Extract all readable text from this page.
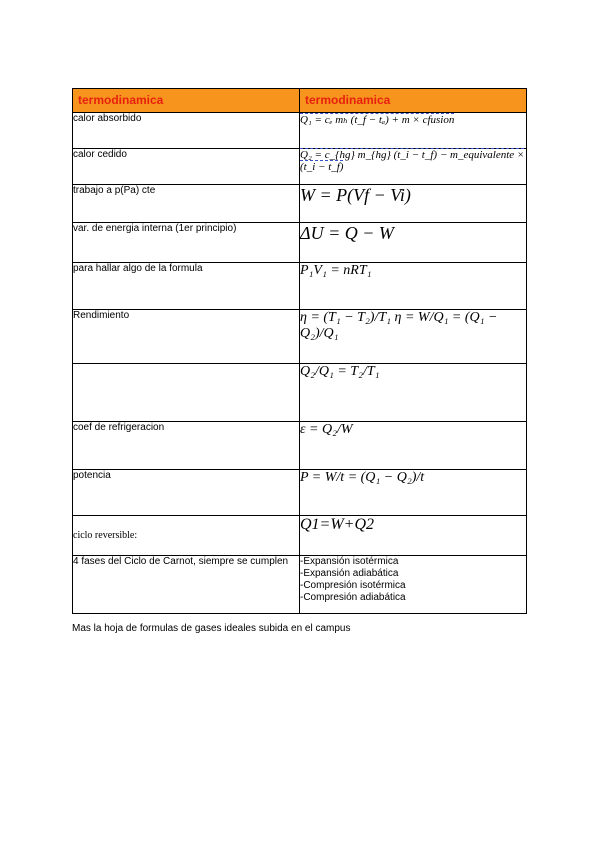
termodinamica	termodinamica
calor absorbido	Q₁ = cₑ mₕ (t_f − tₐ) + m × cfusion
calor cedido	Q₂ = c_{hg} m_{hg} (t_i − t_f) − m_equivalente × (t_i − t_f)
trabajo a p(Pa) cte	W = P(Vf − Vi)
var. de energia interna (1er principio)	ΔU = Q − W
para hallar algo de la formula	P₁V₁ = nRT₁
Rendimiento	η = (T₁ − T₂)/T₁ η = W/Q₁ = (Q₁ − Q₂)/Q₁
	Q₂/Q₁ = T₂/T₁
coef de refrigeracion	ε = Q₂/W
potencia	P = W/t = (Q₁ − Q₂)/t
ciclo reversible:	Q1=W+Q2
4 fases del Ciclo de Carnot, siempre se cumplen	-Expansión isotérmica
-Expansión adiabática
-Compresión isotérmica
-Compresión adiabática
Mas la hoja de formulas de gases ideales subida en el campus
